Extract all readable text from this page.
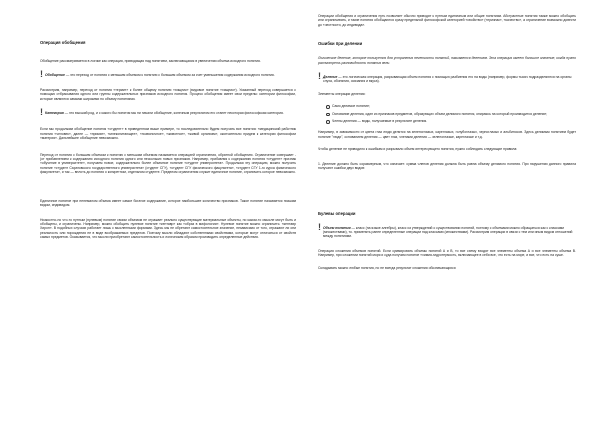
Операция обобщения

Обобщение рассматривается в логике как операция, приводящая над понятием, заключающаяся в увеличении объема исходного понятия.

! Обобщение — это переход от понятия с меньшим объемом к понятию с большим объемом за счет уменьшения содержания исходного понятия.

Рассмотрим, например, переход от понятия «термит» к более общему понятию «хищник» (видовое понятие «хищник»). Указанный переход совершается с помощью отбрасывания одного или группы содержательных признаков исходного понятия. Процесс обобщения имеет свои пределы: категории философии, которые являются самыми широкими по объему понятиями.

! Категория — это высший род, и с какого бы понятия мы ни начали обобщение, конечным результатом его станет некоторая философская категория.

Если мы продолжим обобщение понятия «студент» в приведенном выше примере, то последовательно будем получать все понятия: «медицинский работник понятия «человек», далее — «примат», «млекопитающее», «позвоночное», «животное», «живой организм», окончательно придем к категории философии «материя». Дальнейшее обобщение невозможно.

Переход от понятия с большим объемом к понятию с меньшим объемом называется операцией ограничения, обратной обобщению. Ограничение совершает - (от прибавлением к содержанию исходного понятия одного или нескольких новых признаков. Например, прибавляя к содержанию понятия «студент» признак «обучение в университете», получаем новое, содержательно более объемное понятие «студент университета». Продолжая эту операцию, можно получить понятие «студент Саратовского государственного университета» (студент СГУ), «студент СГУ физического факультета», «студент СГУ 1-го курса физического факультета», и так — вплоть до понятия о конкретном, отдельном студенте. Пределом ограничения служит единичное понятие, ограничить которое невозможно.

Единичное понятие при ненемалом объема имеет самое богатое содержание, которое наибольшее количество признаков. Такое понятие называется низшим видом, индивидом.

Низкостно-но что-то путным (нулевым) понятие своим объемом не отражает реально существующие материальные объекты, но каком-то смысле могут быть и обобщены, и ограничены. Например, можно обобщить нулевое понятие «кентавр» как «образ в мифологии». Нулевое понятие можно ограничить: «кентавр Хирон». В подобных случаях работает лишь с мысленными формами. Здесь мы не обретают самостоятельное значение, независимо от того, отражают ли они реальность или порождения не в виде воображаемых пределов. Поэтому мысли обладают собственными свойствами, которые могут отличаться от свойств самых предметов. Оказывается, что мысли приобретают самостоятельность и логическим образом производить определенные действия.

Операции обобщения и ограничения путь позволяет обычно приводят к путным единичным или общие понятиям. Абстрактные понятия также можно обобщать или ограничивать, и такие понятия обобщаются сразу предельной философской категорией «свойство» («признак», «качество», а ограничение возможно довести до «честности, до индивида».

Ошибки при делении

Логическое деление, которое пользуется для устранения нечеткости понятий, называется делением. Эта операция имеет большое значение, когда нужно рассмотреть разновидности понятия вели.

! Деление — это логическая операция, разрывающая объем понятия с помощью разбиения его на виды (например, формы тысяч подразделяются на органы слуха, обоняния, осязания и вкуса).

Элементы операции деления:

Само делимое понятие;
Основание деления, один из признаков предметов, образующих объем делимого понятия, опираясь на который производится деление;
Члены деления — виды, получаемые в результате деления.

Например, в зависимости от цвета глаз люди делятся на зеленоглазых, кареглазых, голубоглазых, черноглазых и альбиносов. Здесь делимым понятием будет понятие "люди", основанием деления — цвет глаз, членами деления — зеленоглазые, кареглазые и т.д.

Чтобы деление не приводило к ошибкам и разрывало объем интересующего понятия, нужно соблюдать следующие правила:

1. Деление должно быть соразмерным, что означает: сумма членов деления должна быть равна объему делимого понятия. При нарушении данного правила получают ошибки двух видов:

Булевы операции

! Объем понятия — класс (на языке алгебры), класс из утверждений о существовании понятий, поэтому с объемами можно обращаться как с классами (множествами), то. применять ранее определенные операции над классами (множествами). Рассмотрим операции в связи с тем или иным видом отношений между понятиями.

Операция сложения объемов понятий. Если суммировать объемы понятий А и В, то все схему входят все элементы объема А и все элементы объема В. Например, при сложении понятий моря и суда получим понятие «химия-гидротермость, включающее в себя все, что есть на море, и все, что есть на суше.

Складывать можно любые понятия, но не всегда результат сложения обозначающихся
